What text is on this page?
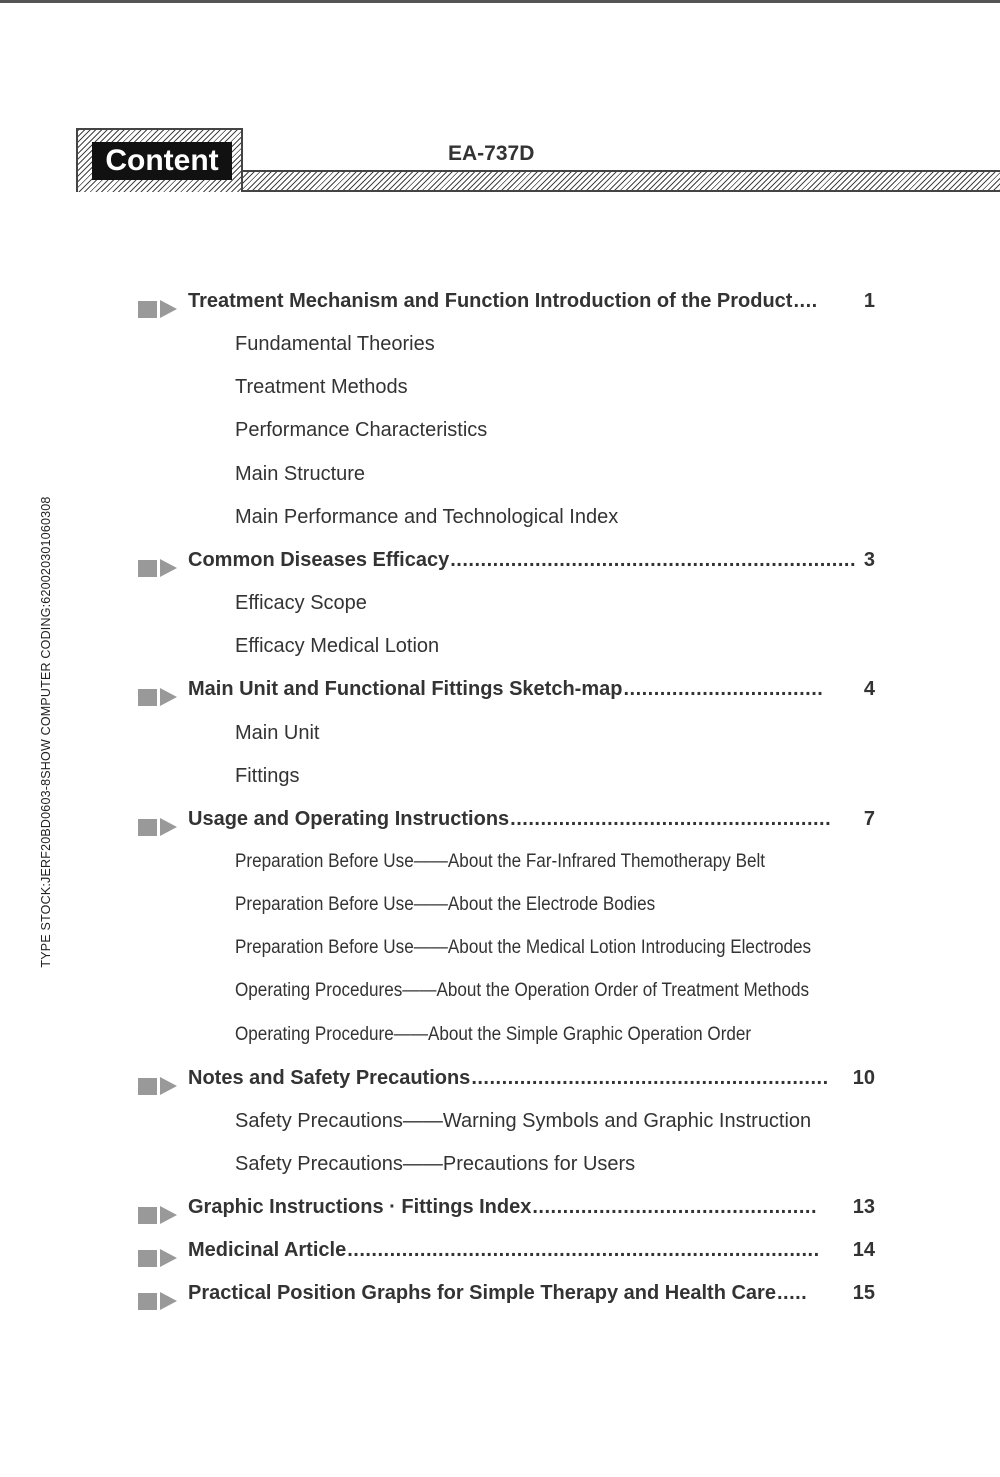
Content	EA-737D
TYPE STOCK:JERF20BD0603-8SHOW COMPUTER CODING:620020301060308
Treatment Mechanism and Function Introduction of the Product ....	1
Fundamental Theories
Treatment Methods
Performance Characteristics
Main Structure
Main Performance and Technological Index
Common Diseases Efficacy ................................................................... 3
Efficacy Scope
Efficacy Medical Lotion
Main Unit and Functional Fittings Sketch-map .................................	4
Main Unit
Fittings
Usage and Operating Instructions .....................................................	7
Preparation Before Use——About the Far-Infrared Themotherapy Belt
Preparation Before Use——About the Electrode Bodies
Preparation Before Use——About the Medical Lotion Introducing Electrodes
Operating Procedures——About the Operation Order of Treatment Methods
Operating Procedure——About the Simple Graphic Operation Order
Notes and Safety Precautions ...........................................................	10
Safety Precautions——Warning Symbols and Graphic Instruction
Safety Precautions——Precautions for Users
Graphic Instructions · Fittings Index ...............................................	13
Medicinal Article ..............................................................................	14
Practical Position Graphs for Simple Therapy and Health Care .....	15
